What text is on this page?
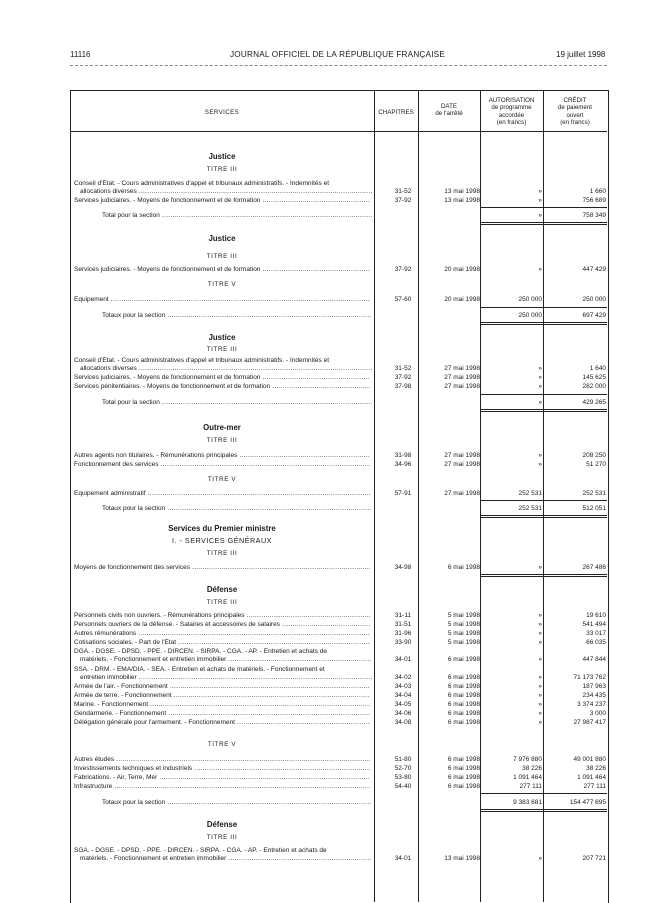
11116	JOURNAL OFFICIEL DE LA RÉPUBLIQUE FRANÇAISE	19 juillet 1998
SERVICES	CHAPITRES
DATE
de l'arrêté
AUTORISATION
de programme
accordée
(en francs)
CRÉDIT
de paiement
ouvert
(en francs)
Justice
TITRE III
Conseil d'État. - Cours administratives d'appel et tribunaux administratifs. - Indemnités et
allocations diverses .....	31-52	13 mai 1998	»	1 660
Services judiciaires. - Moyens de fonctionnement et de formation .....	37-92	13 mai 1998	»	756 689
Total pour la section .....	»	758 349
Justice
TITRE III
Services judiciaires. - Moyens de fonctionnement et de formation .....	37-92	20 mai 1998	»	447 429
TITRE V
Équipement .....	57-60	20 mai 1998	250 000	250 000
Totaux pour la section .....	250 000	697 429
Justice
TITRE III
Conseil d'État. - Cours administratives d'appel et tribunaux administratifs. - Indemnités et
allocations diverses .....	31-52	27 mai 1998	»	1 640
Services judiciaires. - Moyens de fonctionnement et de formation .....	37-92	27 mai 1998	»	145 625
Services pénitentiaires. - Moyens de fonctionnement et de formation .....	37-98	27 mai 1998	»	282 000
Total pour la section .....	»	429 265
Outre-mer
TITRE III
Autres agents non titulaires. - Rémunérations principales .....	31-98	27 mai 1998	»	208 250
Fonctionnement des services .....	34-96	27 mai 1998	»	51 270
TITRE V
Équipement administratif .....	57-91	27 mai 1998	252 531	252 531
Totaux pour la section .....	252 531	512 051
Services du Premier ministre
I. - SERVICES GÉNÉRAUX
TITRE III
Moyens de fonctionnement des services .....	34-98	6 mai 1998	»	267 486
Défense
TITRE III
Personnels civils non ouvriers. - Rémunérations principales .....	31-11	5 mai 1998	»	19 610
Personnels ouvriers de la défense. - Salaires et accessoires de salaires .....	31-51	5 mai 1998	»	541 494
Autres rémunérations .....	31-96	5 mai 1998	»	33 017
Cotisations sociales. - Part de l'État .....	33-90	5 mai 1998	»	66 035
DGA. - DGSE. - DPSD. - PPE. - DIRCEN. - SIRPA. - CGA. - AP. - Entretien et achats de
matériels. - Fonctionnement et entretien immobilier .....	34-01	6 mai 1998	»	447 844
SSA. - DRM. - EMA/DIA. - SEA. - Entretien et achats de matériels. - Fonctionnement et
entretien immobilier .....	34-02	6 mai 1998	»	71 173 762
Armée de l'air. - Fonctionnement .....	34-03	6 mai 1998	»	187 963
Armée de terre. - Fonctionnement .....	34-04	6 mai 1998	»	234 435
Marine. - Fonctionnement .....	34-05	6 mai 1998	»	3 374 237
Gendarmerie. - Fonctionnement .....	34-06	6 mai 1998	»	3 000
Délégation générale pour l'armement. - Fonctionnement .....	34-08	6 mai 1998	»	27 987 417
TITRE V
Autres études .....	51-80	6 mai 1998	7 976 880	49 001 880
Investissements techniques et industriels .....	52-70	6 mai 1998	38 226	38 226
Fabrications. - Air, Terre, Mer .....	53-80	6 mai 1998	1 091 464	1 091 464
Infrastructure .....	54-40	6 mai 1998	277 111	277 111
Totaux pour la section .....	9 383 681	154 477 695
Défense
TITRE III
SGA. - DGSE. - DPSD. - PPE. - DIRCEN. - SIRPA. - CGA. - AP. - Entretien et achats de
matériels. - Fonctionnement et entretien immobilier .....	34-01	13 mai 1998	»	207 721
